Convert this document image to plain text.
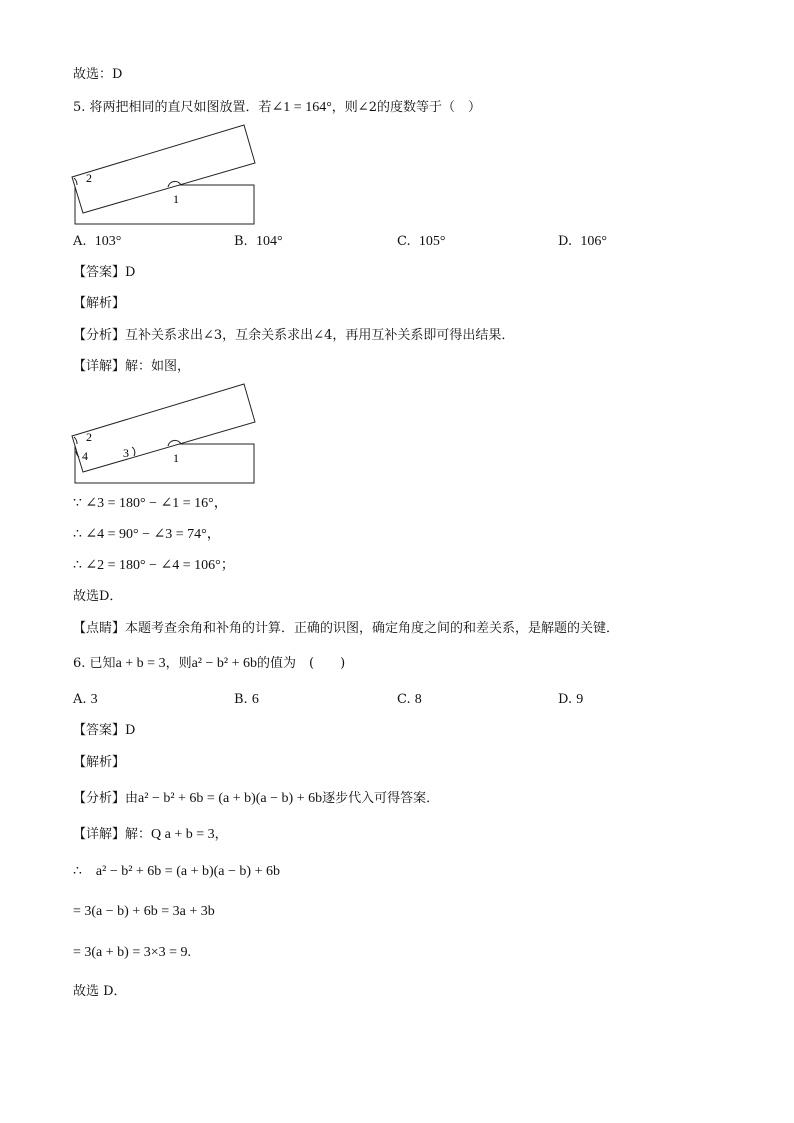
故选：D
5. 将两把相同的直尺如图放置．若∠1 = 164°，则∠2的度数等于（　）
2
1
A. 103°	B. 104°	C. 105°	D. 106°
【答案】D
【解析】
【分析】互补关系求出∠3，互余关系求出∠4，再用互补关系即可得出结果．
【详解】解：如图，
2
4	3	1
∵ ∠3 = 180° − ∠1 = 16°，
∴ ∠4 = 90° − ∠3 = 74°，
∴ ∠2 = 180° − ∠4 = 106°；
故选D．
【点睛】本题考查余角和补角的计算．正确的识图，确定角度之间的和差关系，是解题的关键．
6. 已知a + b = 3，则a² − b² + 6b的值为　(　　)
A. 3	B. 6	C. 8	D. 9
【答案】D
【解析】
【分析】由a² − b² + 6b = (a + b)(a − b) + 6b逐步代入可得答案．
【详解】解：Q a + b = 3，
∴　a² − b² + 6b = (a + b)(a − b) + 6b
= 3(a − b) + 6b = 3a + 3b
= 3(a + b) = 3×3 = 9.
故选 D．
